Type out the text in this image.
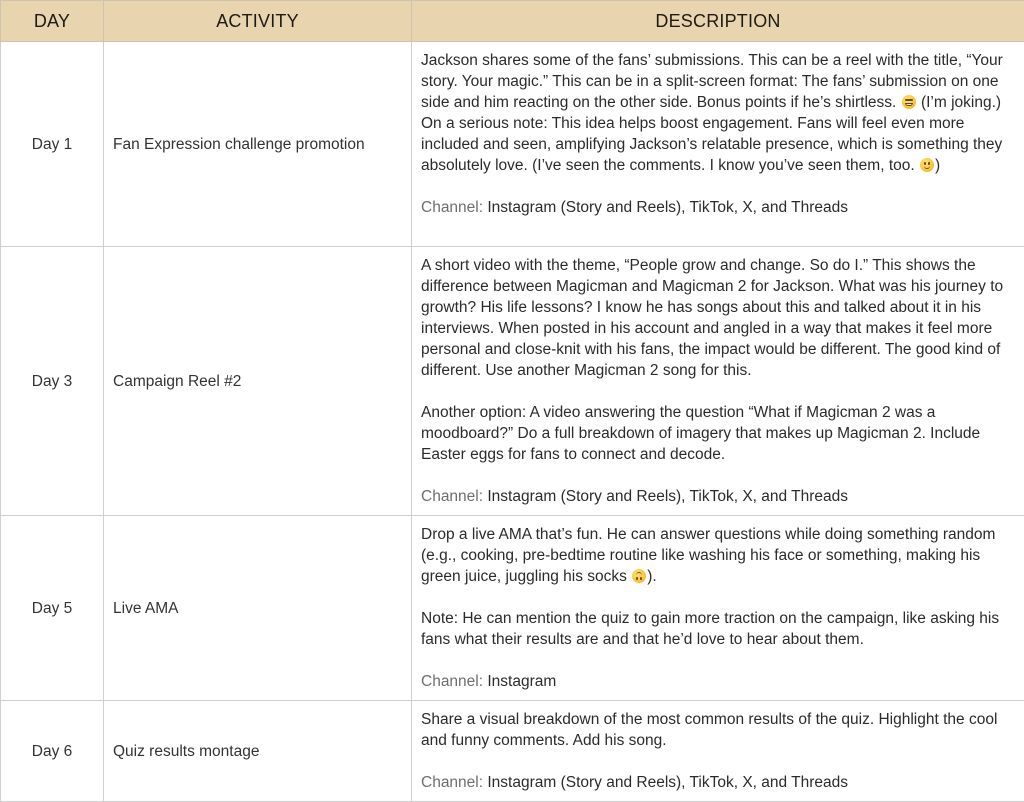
DAY	ACTIVITY	DESCRIPTION
Day 1	Fan Expression challenge promotion	Jackson shares some of the fans’ submissions. This can be a reel with the title, “Your story. Your magic.” This can be in a split-screen format: The fans’ submission on one side and him reacting on the other side. Bonus points if he’s shirtless. (I’m joking.) On a serious note: This idea helps boost engagement. Fans will feel even more included and seen, amplifying Jackson’s relatable presence, which is something they absolutely love. (I’ve seen the comments. I know you’ve seen them, too. )

Channel: Instagram (Story and Reels), TikTok, X, and Threads

Day 3	Campaign Reel #2	A short video with the theme, “People grow and change. So do I.” This shows the difference between Magicman and Magicman 2 for Jackson. What was his journey to growth? His life lessons? I know he has songs about this and talked about it in his interviews. When posted in his account and angled in a way that makes it feel more personal and close-knit with his fans, the impact would be different. The good kind of different. Use another Magicman 2 song for this.

Another option: A video answering the question “What if Magicman 2 was a moodboard?” Do a full breakdown of imagery that makes up Magicman 2. Include Easter eggs for fans to connect and decode.

Channel: Instagram (Story and Reels), TikTok, X, and Threads

Day 5	Live AMA	Drop a live AMA that’s fun. He can answer questions while doing something random (e.g., cooking, pre-bedtime routine like washing his face or something, making his green juice, juggling his socks ).

Note: He can mention the quiz to gain more traction on the campaign, like asking his fans what their results are and that he’d love to hear about them.

Channel: Instagram

Day 6	Quiz results montage	Share a visual breakdown of the most common results of the quiz. Highlight the cool and funny comments. Add his song.

Channel: Instagram (Story and Reels), TikTok, X, and Threads
